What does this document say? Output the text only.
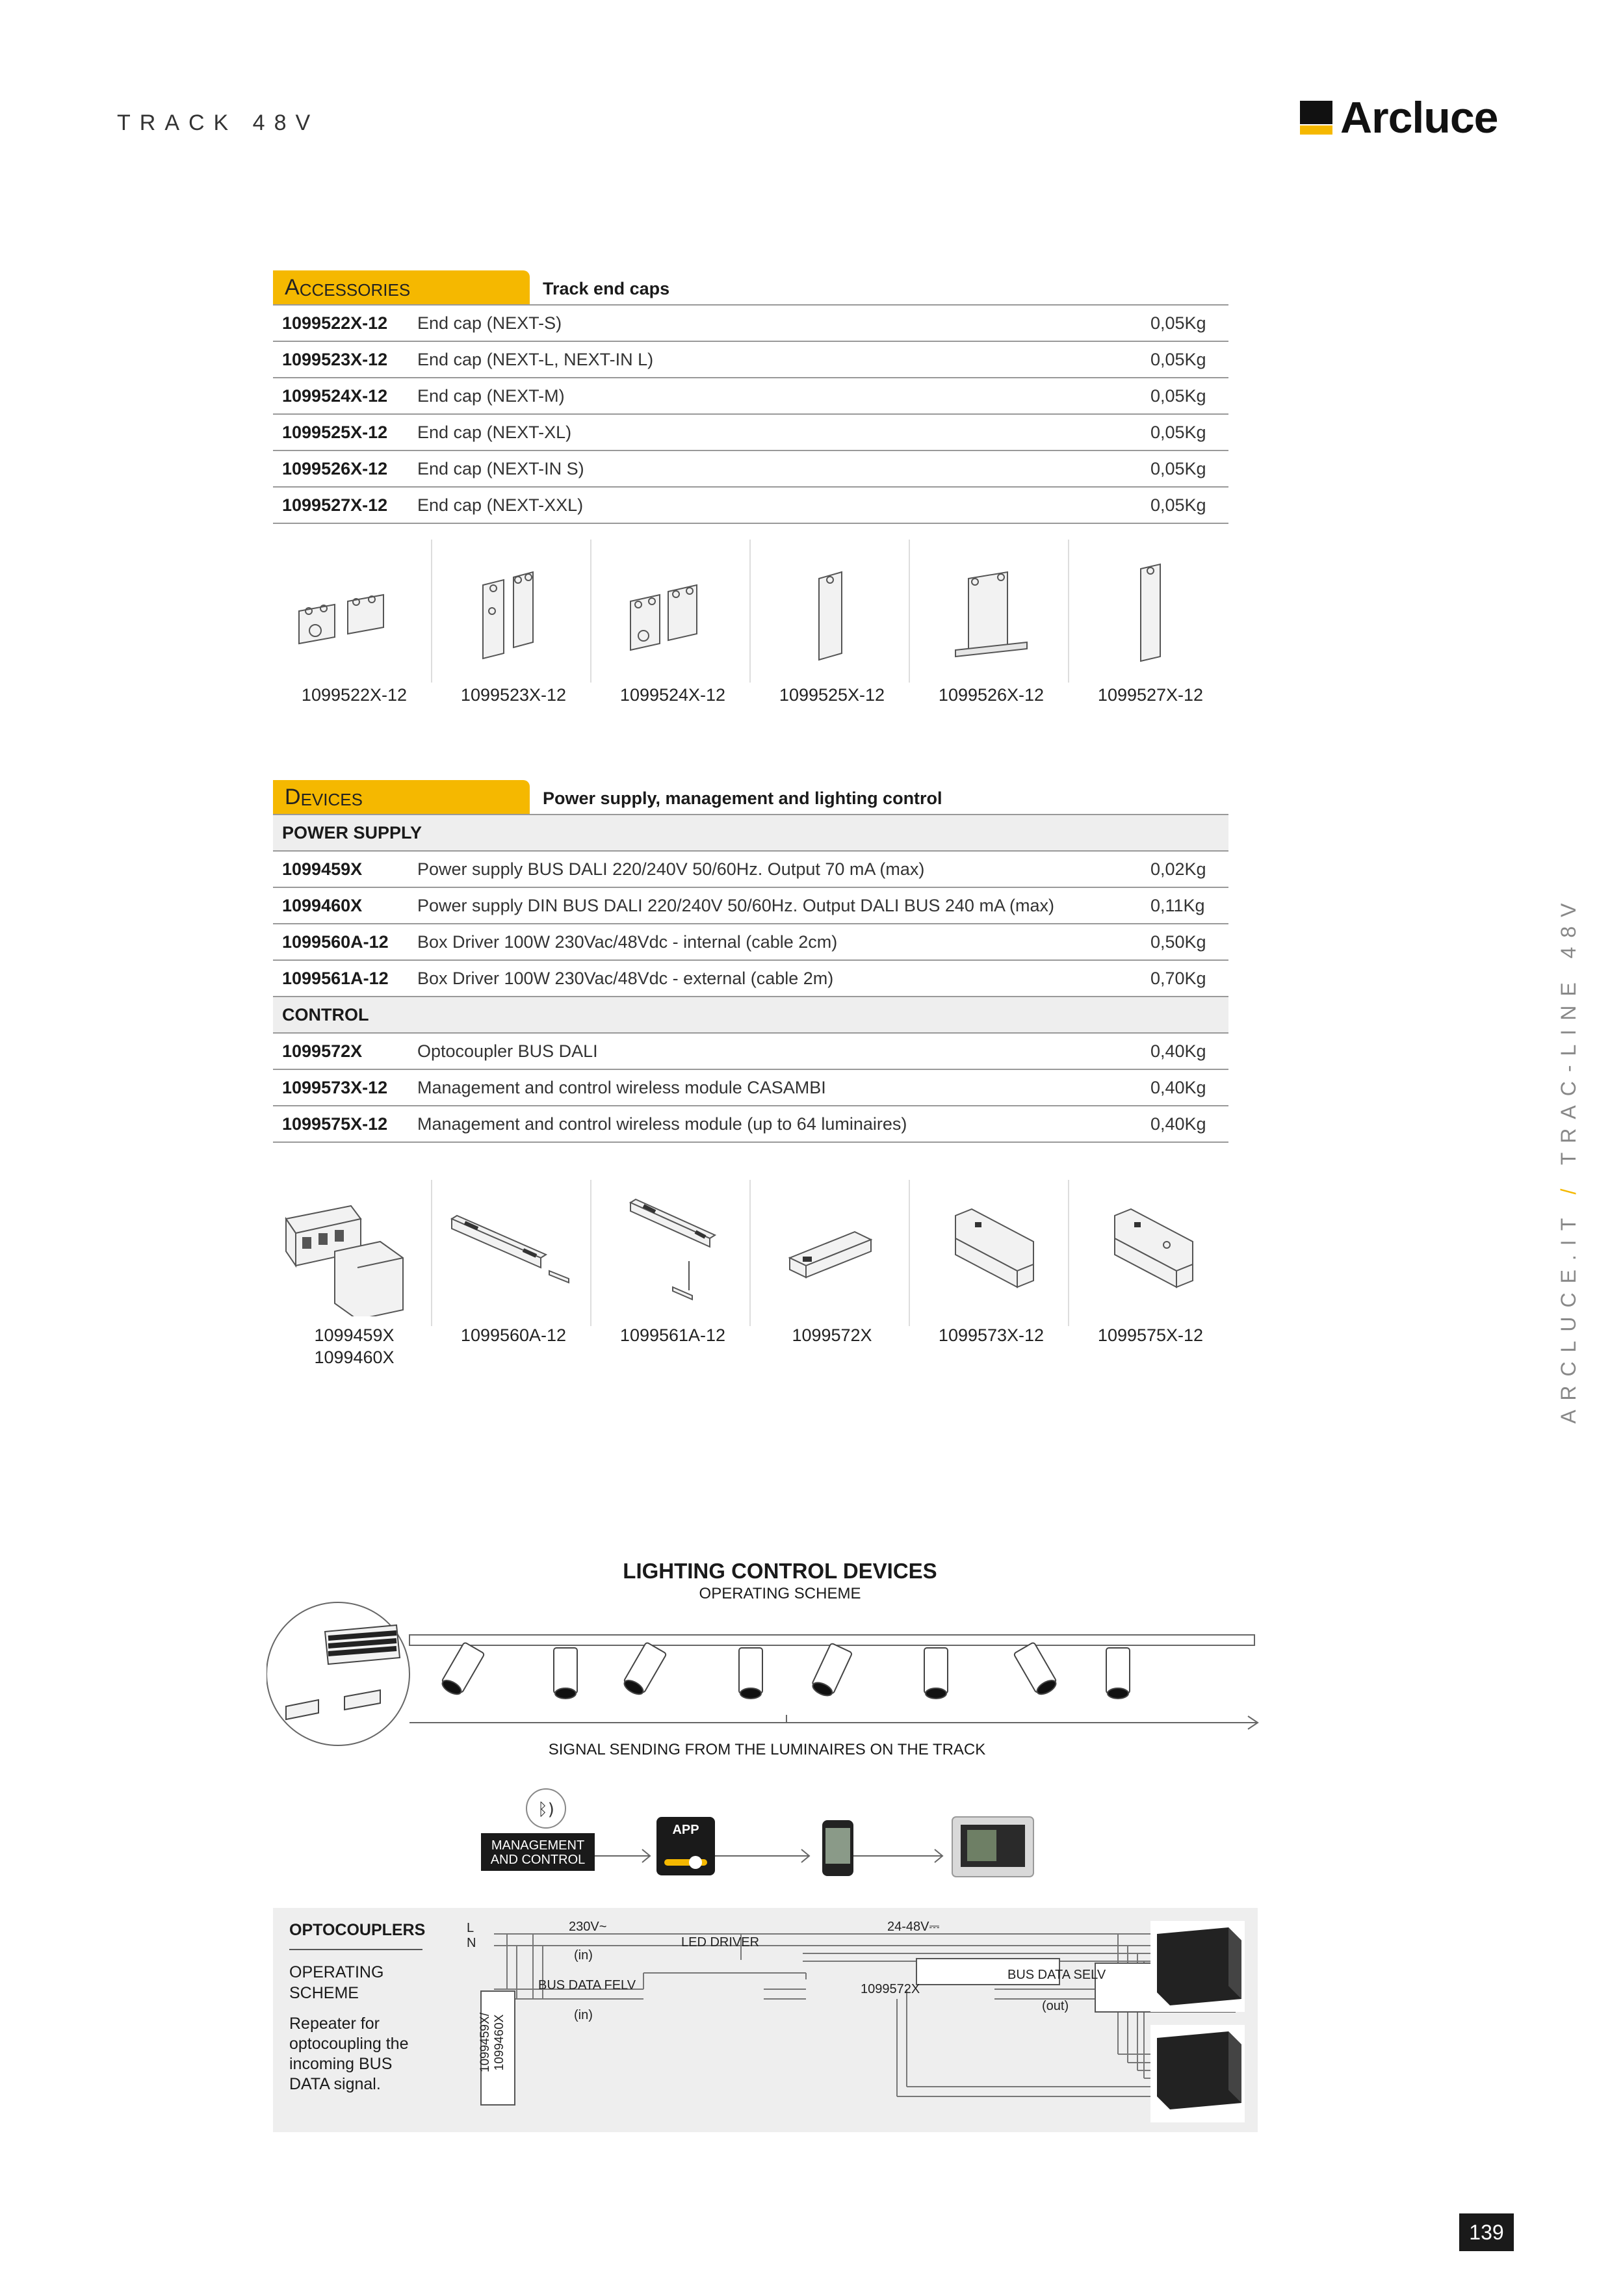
TRACK 48V	Arcluce
ARCLUCE.IT / TRAC-LINE 48V
A CCESSORIES	Track end caps
1099522X-12	End cap (NEXT-S)	0,05Kg
1099523X-12	End cap (NEXT-L, NEXT-IN L)	0,05Kg
1099524X-12	End cap (NEXT-M)	0,05Kg
1099525X-12	End cap (NEXT-XL)	0,05Kg
1099526X-12	End cap (NEXT-IN S)	0,05Kg
1099527X-12	End cap (NEXT-XXL)	0,05Kg
1099522X-12	1099523X-12	1099524X-12	1099525X-12	1099526X-12	1099527X-12
D EVICES	Power supply, management and lighting control
POWER SUPPLY
1099459X	Power supply BUS DALI 220/240V 50/60Hz. Output 70 mA (max)	0,02Kg
1099460X	Power supply DIN BUS DALI 220/240V 50/60Hz. Output DALI BUS 240 mA (max)	0,11Kg
1099560A-12	Box Driver 100W 230Vac/48Vdc - internal (cable 2cm)	0,50Kg
1099561A-12	Box Driver 100W 230Vac/48Vdc - external (cable 2m)	0,70Kg
CONTROL
1099572X	Optocoupler BUS DALI	0,40Kg
1099573X-12	Management and control wireless module CASAMBI	0,40Kg
1099575X-12	Management and control wireless module (up to 64 luminaires)	0,40Kg
1099459X
1099460X
1099560A-12	1099561A-12	1099572X	1099573X-12	1099575X-12
LIGHTING CONTROL DEVICES
OPERATING SCHEME
ᛒ)
SIGNAL SENDING FROM THE LUMINAIRES ON THE TRACK
MANAGEMENT
AND CONTROL
APP
OPTOCOUPLERS
OPERATING
SCHEME
Repeater for optocoupling the incoming BUS DATA signal.
L
N
230V~
(in)
LED DRIVER
24-48V⎓
BUS DATA FELV
(in)
1099572X
BUS DATA SELV
(out)
1099459X/ 1099460X
139
